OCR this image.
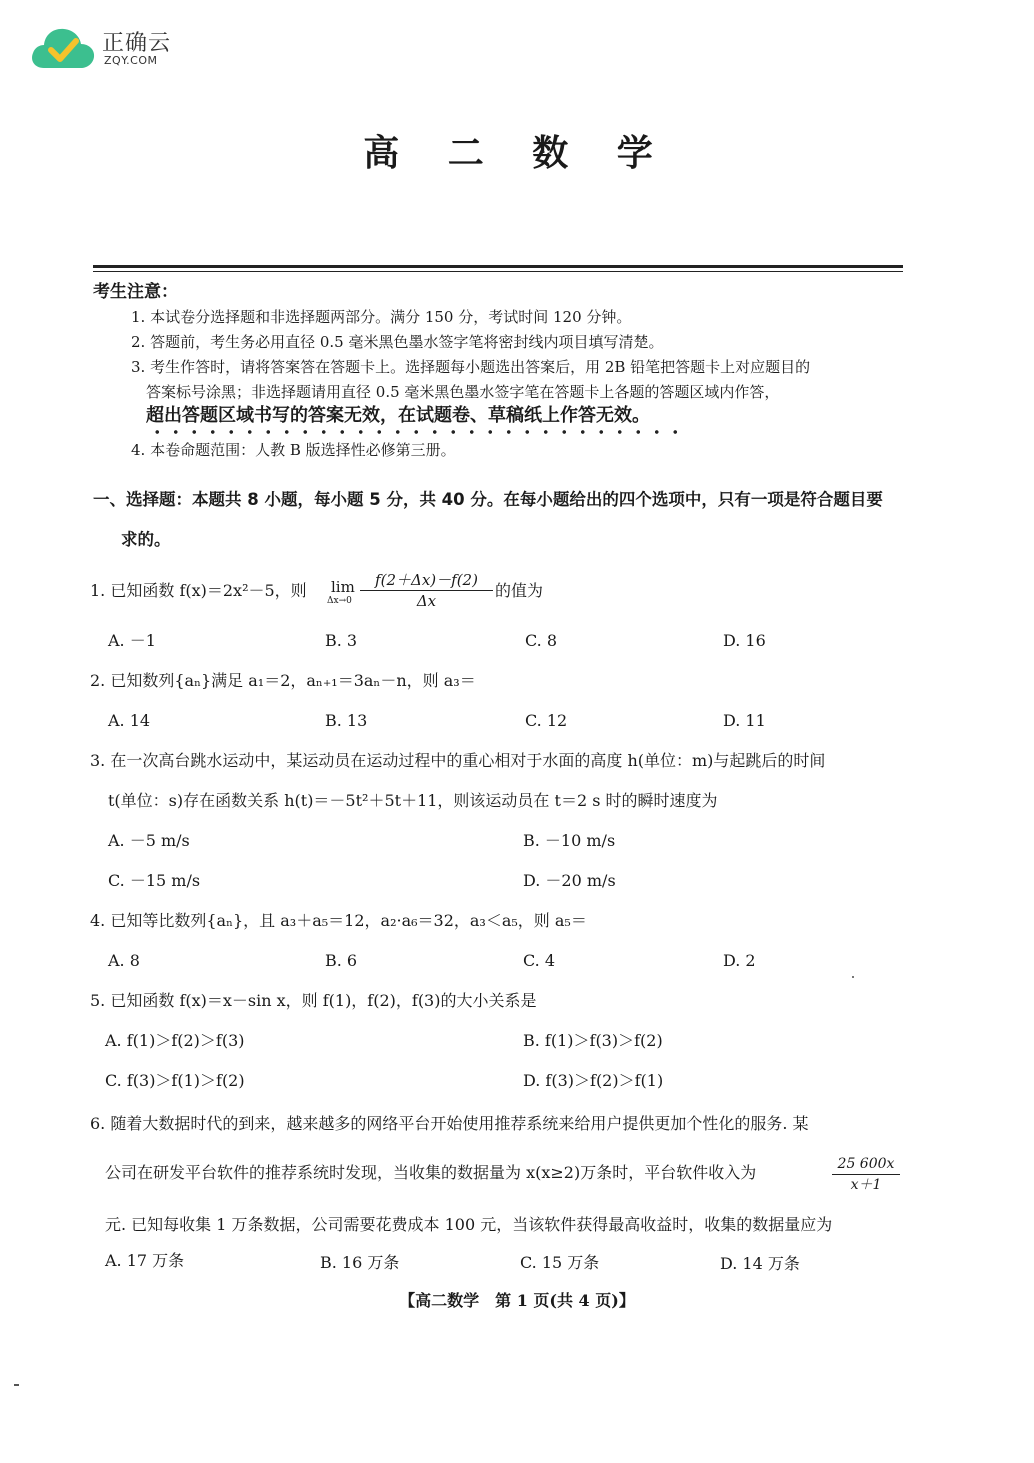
正确云
ZQY.COM
高 二 数 学
考生注意：
1. 本试卷分选择题和非选择题两部分。满分 150 分，考试时间 120 分钟。
2. 答题前，考生务必用直径 0.5 毫米黑色墨水签字笔将密封线内项目填写清楚。
3. 考生作答时，请将答案答在答题卡上。选择题每小题选出答案后，用 2B 铅笔把答题卡上对应题目的
答案标号涂黑；非选择题请用直径 0.5 毫米黑色墨水签字笔在答题卡上各题的答题区域内作答，
超出答题区域书写的答案无效，在试题卷、草稿纸上作答无效。
4. 本卷命题范围：人教 B 版选择性必修第三册。
一、选择题：本题共 8 小题，每小题 5 分，共 40 分。在每小题给出的四个选项中，只有一项是符合题目要
求的。
1. 已知函数 f(x)＝2x²－5，则 lim
$\Delta x\to 0 \frac{f(2+\Delta x)-f(2)}{\Delta x}$ 的值为
A. －1	B. 3	C. 8	D. 16
2. 已知数列{aₙ}满足 a₁＝2，aₙ₊₁＝3aₙ－n，则 a₃＝
A. 14	B. 13	C. 12	D. 11
3. 在一次高台跳水运动中，某运动员在运动过程中的重心相对于水面的高度 h(单位：m)与起跳后的时间
t(单位：s)存在函数关系 h(t)＝－5t²＋5t＋11，则该运动员在 t＝2 s 时的瞬时速度为
A. －5 m/s	B. －10 m/s
C. －15 m/s	D. －20 m/s
4. 已知等比数列{aₙ}，且 a₃＋a₅＝12，a₂·a₆＝32，a₃＜a₅，则 a₅＝
A. 8	B. 6	C. 4	D. 2
5. 已知函数 f(x)＝x－sin x，则 f(1)，f(2)，f(3)的大小关系是
A. f(1)＞f(2)＞f(3)	B. f(1)＞f(3)＞f(2)
C. f(3)＞f(1)＞f(2)	D. f(3)＞f(2)＞f(1)
6. 随着大数据时代的到来，越来越多的网络平台开始使用推荐系统来给用户提供更加个性化的服务. 某
公司在研发平台软件的推荐系统时发现，当收集的数据量为 x(x≥2)万条时，平台软件收入为	$\frac{25 600x}{x+1}$
元. 已知每收集 1 万条数据，公司需要花费成本 100 元，当该软件获得最高收益时，收集的数据量应为
A. 17 万条	B. 16 万条	C. 15 万条	D. 14 万条
【高二数学　第 1 页(共 4 页)】
